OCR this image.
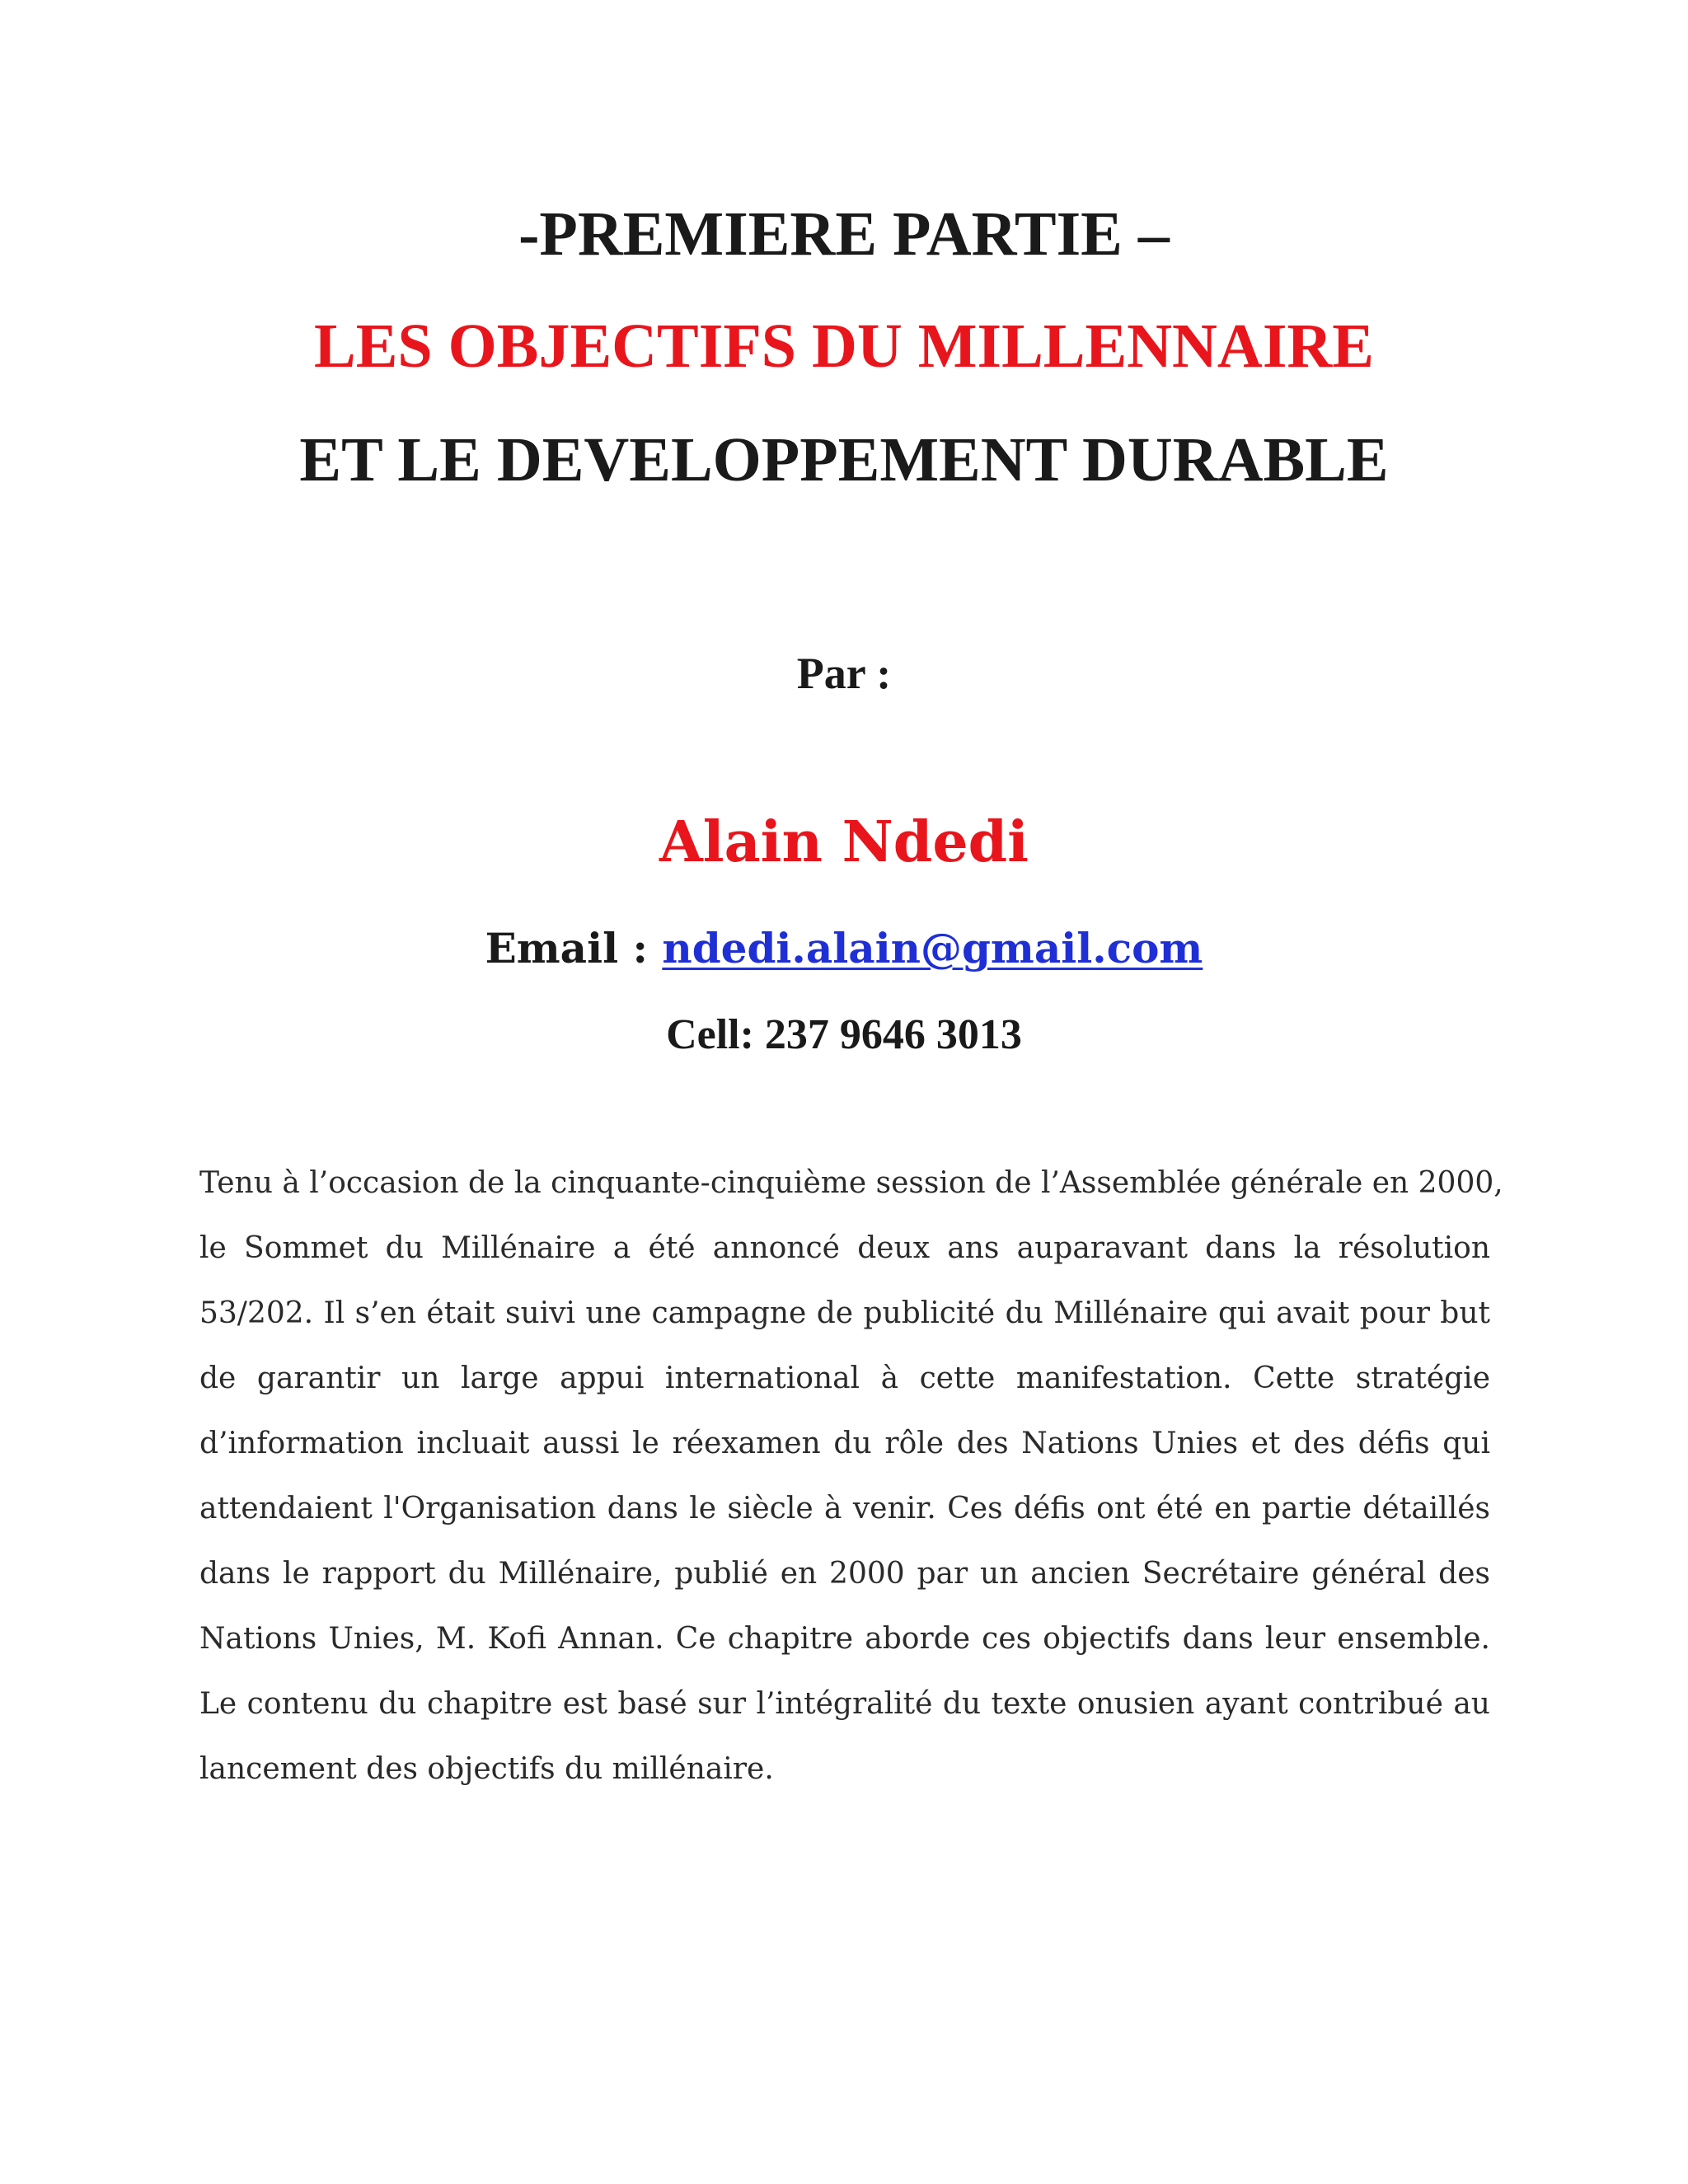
-PREMIERE PARTIE –
LES OBJECTIFS DU MILLENNAIRE
ET LE DEVELOPPEMENT DURABLE
Par :
Alain Ndedi
Email : ndedi.alain@gmail.com
Cell: 237 9646 3013
Tenu à l’occasion de la cinquante-cinquième session de l’Assemblée générale en 2000,
le Sommet du Millénaire a été annoncé deux ans auparavant dans la résolution
53/202. Il s’en était suivi une campagne de publicité du Millénaire qui avait pour but
de garantir un large appui international à cette manifestation. Cette stratégie
d’information incluait aussi le réexamen du rôle des Nations Unies et des défis qui
attendaient l'Organisation dans le siècle à venir. Ces défis ont été en partie détaillés
dans le rapport du Millénaire, publié en 2000 par un ancien Secrétaire général des
Nations Unies, M. Kofi Annan. Ce chapitre aborde ces objectifs dans leur ensemble.
Le contenu du chapitre est basé sur l’intégralité du texte onusien ayant contribué au
lancement des objectifs du millénaire.
